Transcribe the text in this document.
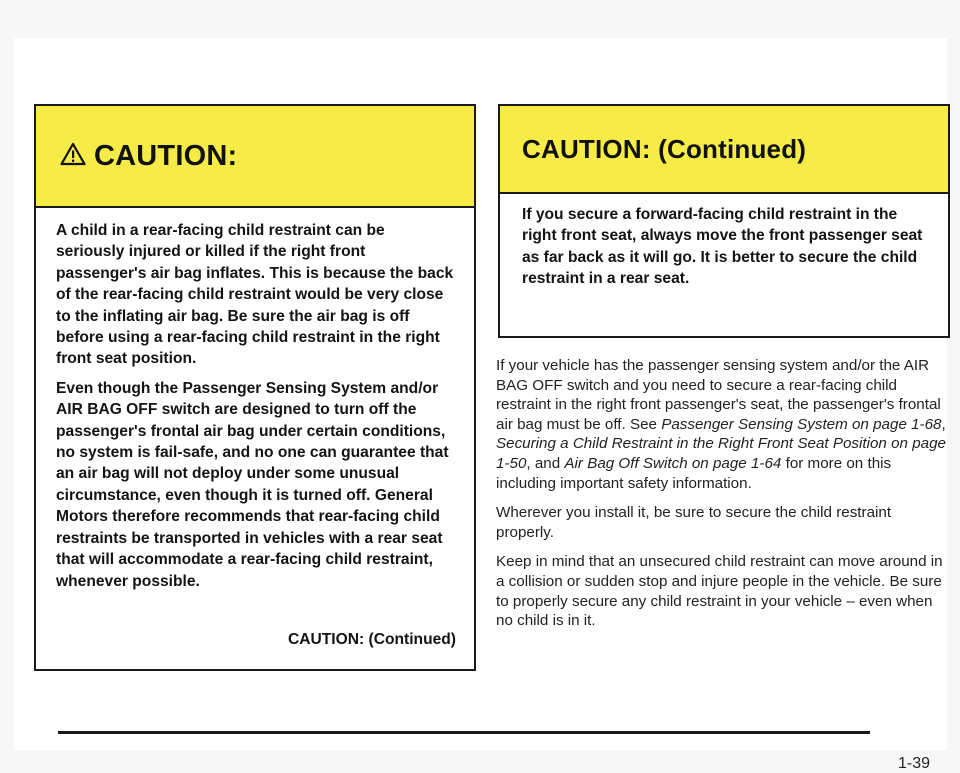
CAUTION:

A child in a rear-facing child restraint can be seriously injured or killed if the right front passenger's air bag inflates. This is because the back of the rear-facing child restraint would be very close to the inflating air bag. Be sure the air bag is off before using a rear-facing child restraint in the right front seat position.

Even though the Passenger Sensing System and/or AIR BAG OFF switch are designed to turn off the passenger's frontal air bag under certain conditions, no system is fail-safe, and no one can guarantee that an air bag will not deploy under some unusual circumstance, even though it is turned off. General Motors therefore recommends that rear-facing child restraints be transported in vehicles with a rear seat that will accommodate a rear-facing child restraint, whenever possible.

CAUTION: (Continued)
CAUTION: (Continued)

If you secure a forward-facing child restraint in the right front seat, always move the front passenger seat as far back as it will go. It is better to secure the child restraint in a rear seat.

If your vehicle has the passenger sensing system and/or the AIR BAG OFF switch and you need to secure a rear-facing child restraint in the right front passenger's seat, the passenger's frontal air bag must be off. See Passenger Sensing System on page 1-68, Securing a Child Restraint in the Right Front Seat Position on page 1-50, and Air Bag Off Switch on page 1-64 for more on this including important safety information.

Wherever you install it, be sure to secure the child restraint properly.

Keep in mind that an unsecured child restraint can move around in a collision or sudden stop and injure people in the vehicle. Be sure to properly secure any child restraint in your vehicle – even when no child is in it.

1-39
